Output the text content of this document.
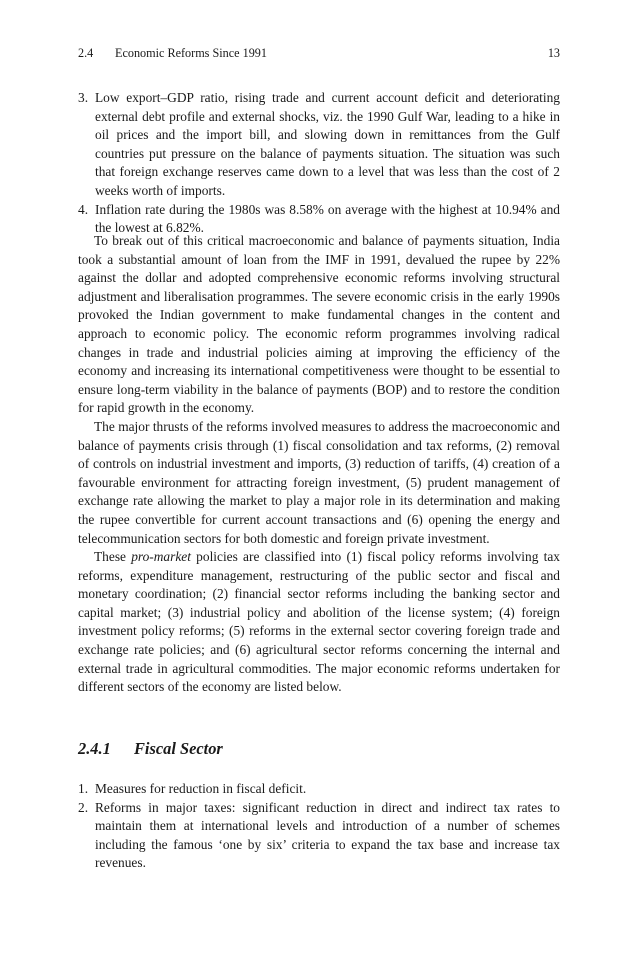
2.4 Economic Reforms Since 1991	13
3. Low export–GDP ratio, rising trade and current account deficit and deteriorating external debt profile and external shocks, viz. the 1990 Gulf War, leading to a hike in oil prices and the import bill, and slowing down in remittances from the Gulf countries put pressure on the balance of payments situation. The situation was such that foreign exchange reserves came down to a level that was less than the cost of 2 weeks worth of imports.
4. Inflation rate during the 1980s was 8.58% on average with the highest at 10.94% and the lowest at 6.82%.

To break out of this critical macroeconomic and balance of payments situation, India took a substantial amount of loan from the IMF in 1991, devalued the rupee by 22% against the dollar and adopted comprehensive economic reforms involving structural adjustment and liberalisation programmes. The severe economic crisis in the early 1990s provoked the Indian government to make fundamental changes in the content and approach to economic policy. The economic reform programmes involving radical changes in trade and industrial policies aiming at improving the efficiency of the economy and increasing its international competitiveness were thought to be essential to ensure long-term viability in the balance of payments (BOP) and to restore the condition for rapid growth in the economy.

The major thrusts of the reforms involved measures to address the macroeconomic and balance of payments crisis through (1) fiscal consolidation and tax reforms, (2) removal of controls on industrial investment and imports, (3) reduction of tariffs, (4) creation of a favourable environment for attracting foreign investment, (5) prudent management of exchange rate allowing the market to play a major role in its determination and making the rupee convertible for current account transactions and (6) opening the energy and telecommunication sectors for both domestic and foreign private investment.

These pro-market policies are classified into (1) fiscal policy reforms involving tax reforms, expenditure management, restructuring of the public sector and fiscal and monetary coordination; (2) financial sector reforms including the banking sector and capital market; (3) industrial policy and abolition of the license system; (4) foreign investment policy reforms; (5) reforms in the external sector covering foreign trade and exchange rate policies; and (6) agricultural sector reforms concerning the internal and external trade in agricultural commodities. The major economic reforms undertaken for different sectors of the economy are listed below.

2.4.1 Fiscal Sector
1. Measures for reduction in fiscal deficit.
2. Reforms in major taxes: significant reduction in direct and indirect tax rates to maintain them at international levels and introduction of a number of schemes including the famous ‘one by six’ criteria to expand the tax base and increase tax revenues.
